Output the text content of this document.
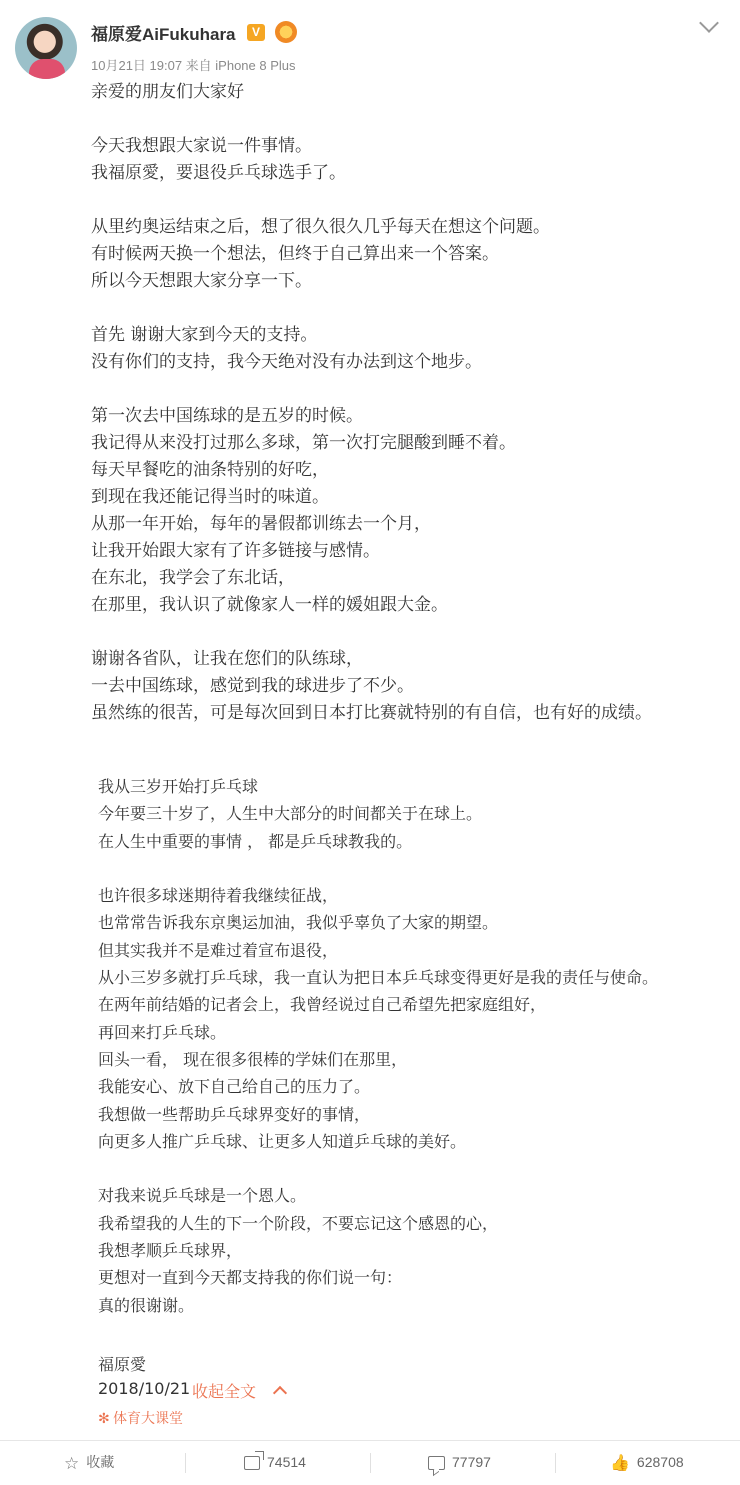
福原爱AiFukuhara	V
10月21日 19:07 来自 iPhone 8 Plus
亲爱的朋友们大家好
今天我想跟大家说一件事情。
我福原愛，要退役乒乓球选手了。
从里约奥运结束之后，想了很久很久几乎每天在想这个问题。
有时候两天换一个想法，但终于自己算出来一个答案。
所以今天想跟大家分享一下。
首先 谢谢大家到今天的支持。
没有你们的支持，我今天绝对没有办法到这个地步。
第一次去中国练球的是五岁的时候。
我记得从来没打过那么多球，第一次打完腿酸到睡不着。
每天早餐吃的油条特别的好吃，
到现在我还能记得当时的味道。
从那一年开始，每年的暑假都训练去一个月，
让我开始跟大家有了许多链接与感情。
在东北，我学会了东北话，
在那里，我认识了就像家人一样的媛姐跟大金。
谢谢各省队，让我在您们的队练球，
一去中国练球，感觉到我的球进步了不少。
虽然练的很苦，可是每次回到日本打比赛就特别的有自信，也有好的成绩。
我从三岁开始打乒乓球
今年要三十岁了，人生中大部分的时间都关于在球上。
在人生中重要的事情 ， 都是乒乓球教我的。
也许很多球迷期待着我继续征战，
也常常告诉我东京奥运加油，我似乎辜负了大家的期望。
但其实我并不是难过着宣布退役，
从小三岁多就打乒乓球，我一直认为把日本乒乓球变得更好是我的责任与使命。
在两年前结婚的记者会上，我曾经说过自己希望先把家庭组好，
再回来打乒乓球。
回头一看， 现在很多很棒的学妹们在那里，
我能安心、放下自己给自己的压力了。
我想做一些帮助乒乓球界变好的事情，
向更多人推广乒乓球、让更多人知道乒乓球的美好。
对我来说乒乓球是一个恩人。
我希望我的人生的下一个阶段，不要忘记这个感恩的心，
我想孝顺乒乓球界，
更想对一直到今天都支持我的你们说一句：
真的很谢谢。
福原愛
2018/10/21 收起全文
✻ 体育大课堂
☆ 收藏	74514	77797	👍 628708
